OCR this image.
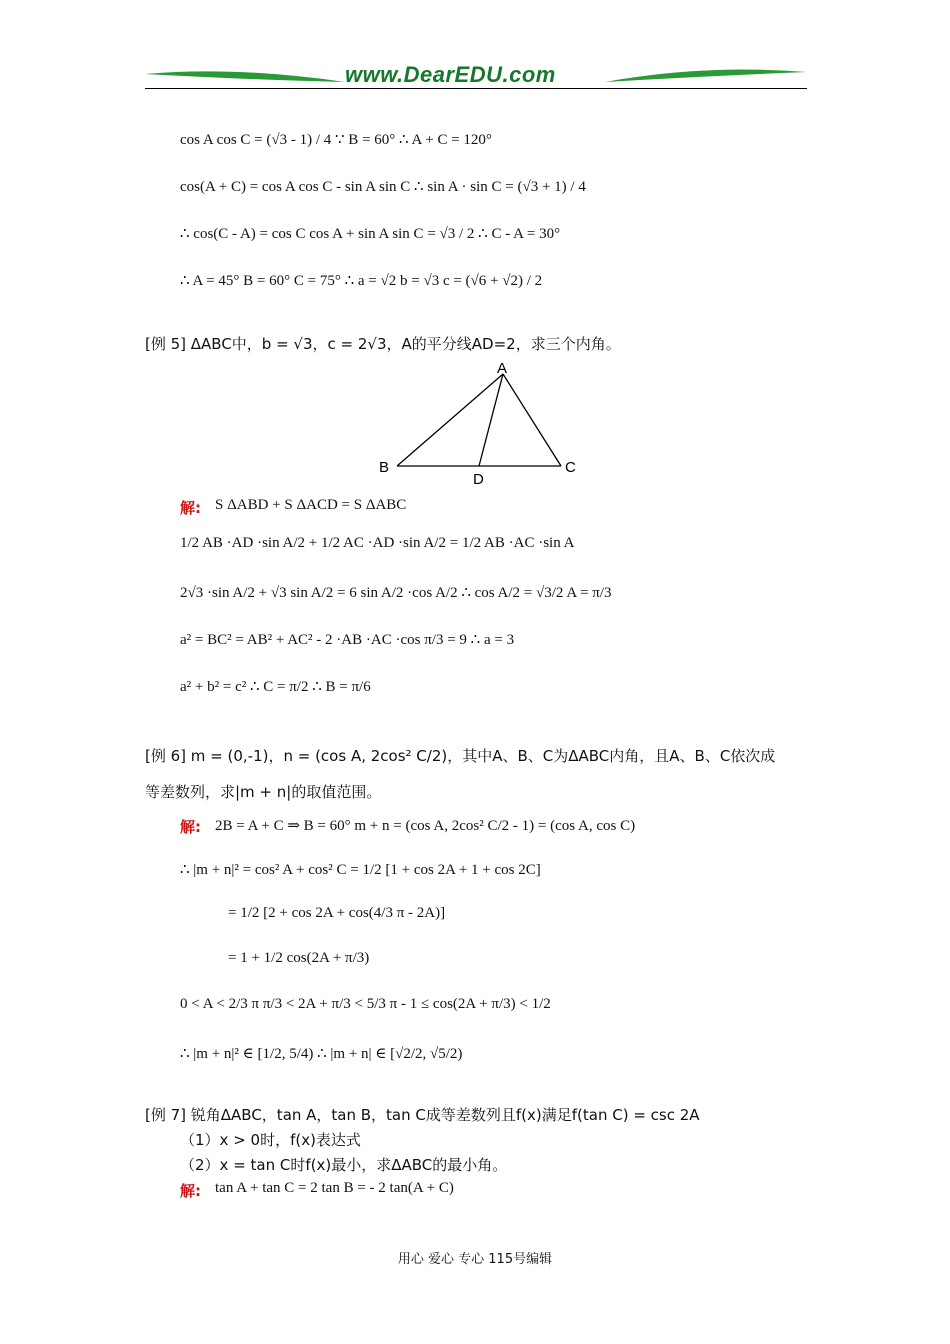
www.DearEDU.com
cos A cos C = (√3 - 1) / 4 ∵ B = 60° ∴ A + C = 120°
cos(A + C) = cos A cos C - sin A sin C ∴ sin A · sin C = (√3 + 1) / 4
∴ cos(C - A) = cos C cos A + sin A sin C = √3 / 2 ∴ C - A = 30°
∴ A = 45° B = 60° C = 75° ∴ a = √2 b = √3 c = (√6 + √2) / 2
[例 5] ΔABC中，b = √3，c = 2√3，A的平分线AD=2，求三个内角。
A
B	C
D
解: S ΔABD + S ΔACD = S ΔABC
1/2 AB ·AD ·sin A/2 + 1/2 AC ·AD ·sin A/2 = 1/2 AB ·AC ·sin A
2√3 ·sin A/2 + √3 sin A/2 = 6 sin A/2 ·cos A/2 ∴ cos A/2 = √3/2 A = π/3
a² = BC² = AB² + AC² - 2 ·AB ·AC ·cos π/3 = 9 ∴ a = 3
a² + b² = c² ∴ C = π/2 ∴ B = π/6
[例 6] m = (0,-1)，n = (cos A, 2cos² C/2)，其中A、B、C为ΔABC内角，且A、B、C依次成
等差数列，求|m + n|的取值范围。
解: 2B = A + C ⇒ B = 60° m + n = (cos A, 2cos² C/2 - 1) = (cos A, cos C)
∴ |m + n|² = cos² A + cos² C = 1/2 [1 + cos 2A + 1 + cos 2C]
= 1/2 [2 + cos 2A + cos(4/3 π - 2A)]
= 1 + 1/2 cos(2A + π/3)
0 < A < 2/3 π π/3 < 2A + π/3 < 5/3 π - 1 ≤ cos(2A + π/3) < 1/2
∴ |m + n|² ∈ [1/2, 5/4) ∴ |m + n| ∈ [√2/2, √5/2)
[例 7] 锐角ΔABC，tan A，tan B，tan C成等差数列且f(x)满足f(tan C) = csc 2A
（1）x > 0时，f(x)表达式
（2）x = tan C时f(x)最小，求ΔABC的最小角。
解: tan A + tan C = 2 tan B = - 2 tan(A + C)
用心 爱心 专心 115号编辑
